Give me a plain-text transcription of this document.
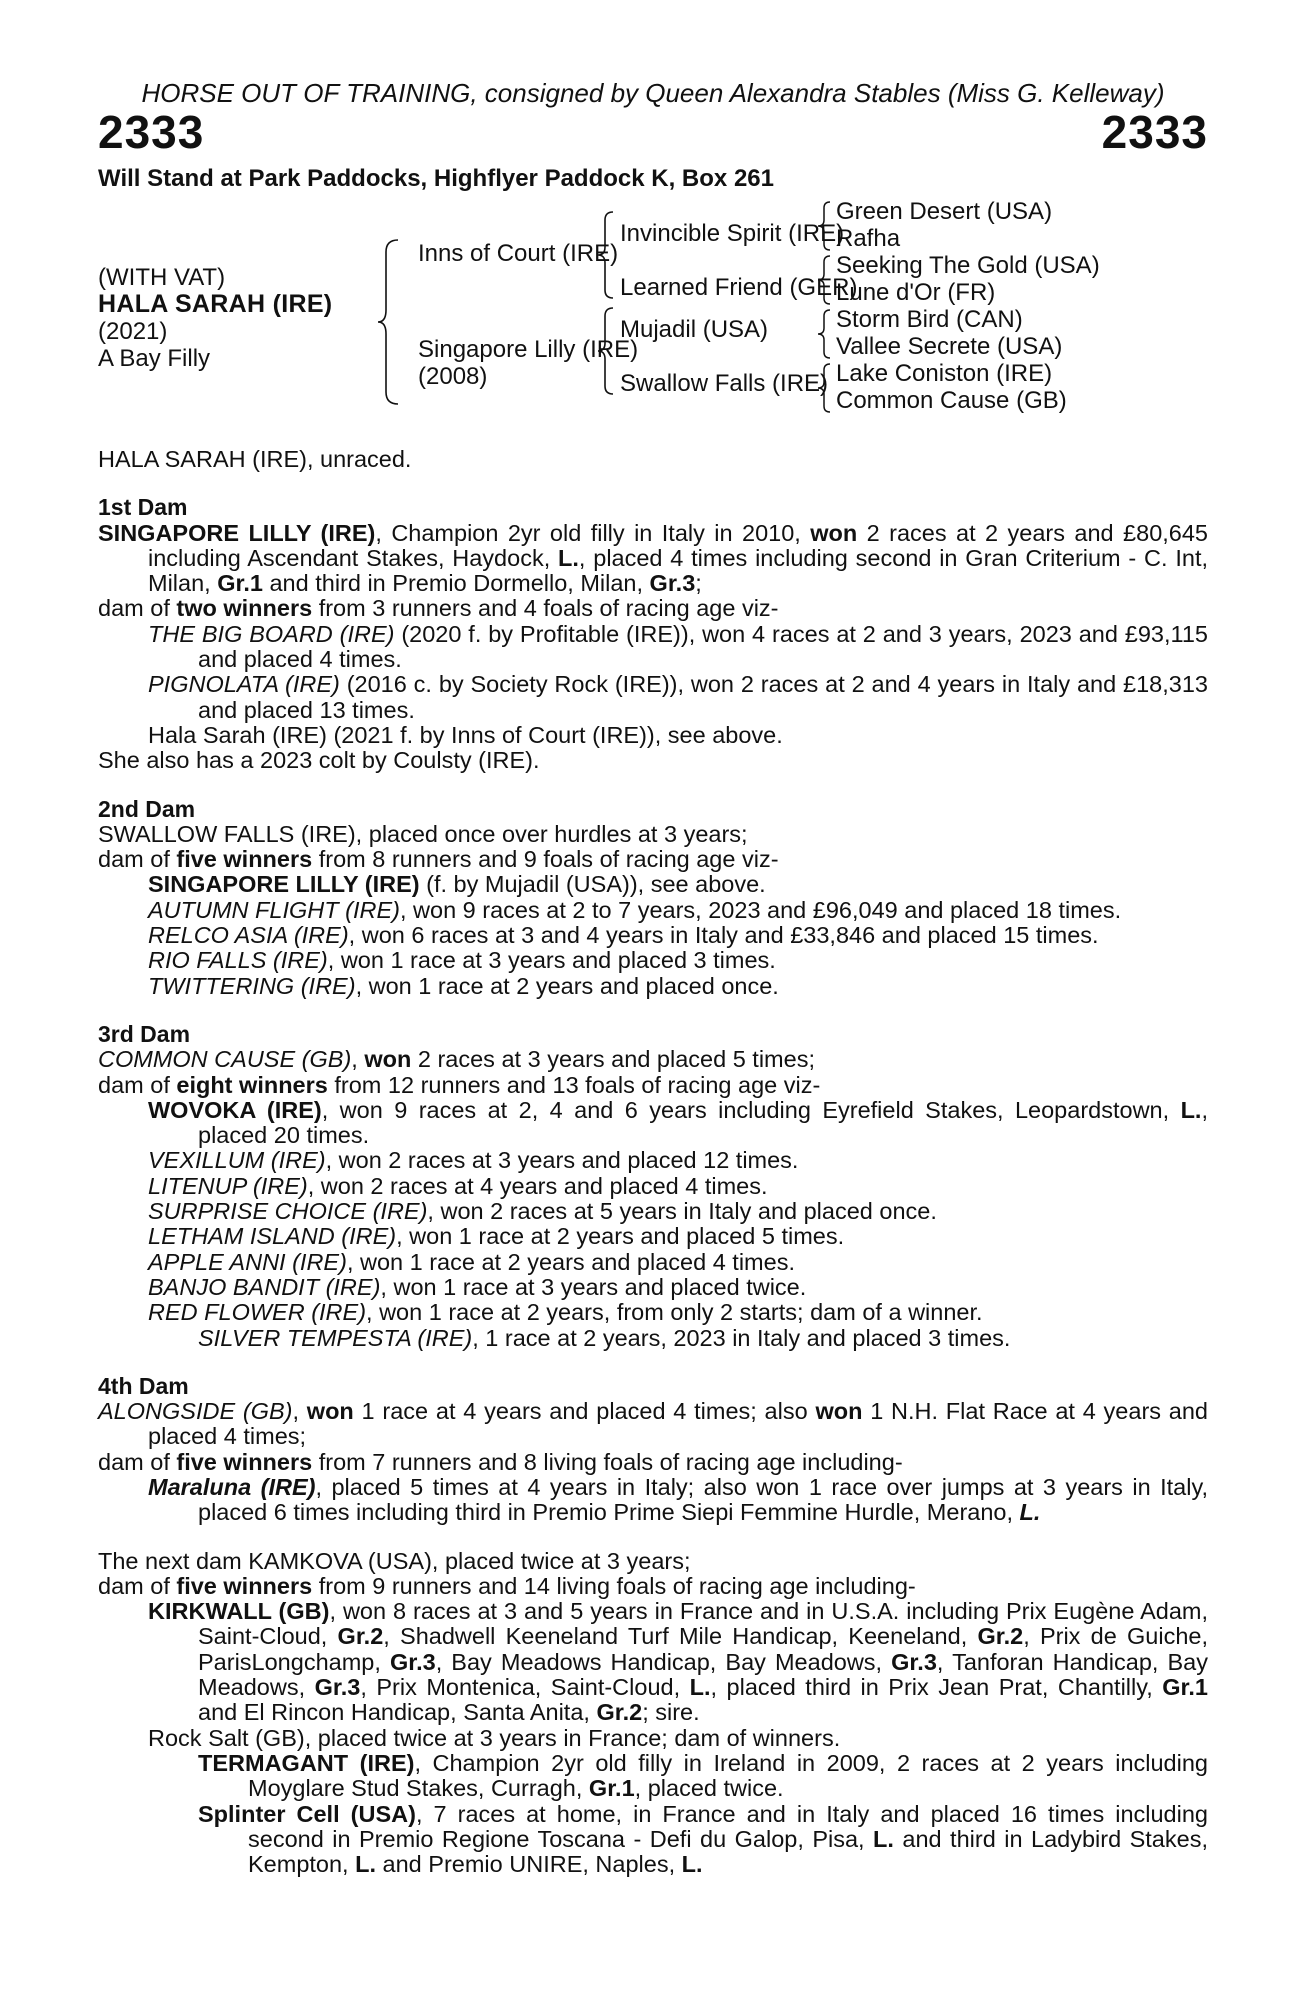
HORSE OUT OF TRAINING, consigned by Queen Alexandra Stables (Miss G. Kelleway)
2333	2333
Will Stand at Park Paddocks, Highflyer Paddock K, Box 261
(WITH VAT)
HALA SARAH (IRE)
(2021)
A Bay Filly
Inns of Court (IRE)
Singapore Lilly (IRE)
(2008)
Invincible Spirit (IRE)
Learned Friend (GER)
Mujadil (USA)
Swallow Falls (IRE)
Green Desert (USA)
Rafha
Seeking The Gold (USA)
Lune d'Or (FR)
Storm Bird (CAN)
Vallee Secrete (USA)
Lake Coniston (IRE)
Common Cause (GB)

HALA SARAH (IRE), unraced.

1st Dam

SINGAPORE LILLY (IRE), Champion 2yr old filly in Italy in 2010, won 2 races at 2 years and £80,645 including Ascendant Stakes, Haydock, L., placed 4 times including second in Gran Criterium - C. Int, Milan, Gr.1 and third in Premio Dormello, Milan, Gr.3;

dam of two winners from 3 runners and 4 foals of racing age viz-

THE BIG BOARD (IRE) (2020 f. by Profitable (IRE)), won 4 races at 2 and 3 years, 2023 and £93,115 and placed 4 times.

PIGNOLATA (IRE) (2016 c. by Society Rock (IRE)), won 2 races at 2 and 4 years in Italy and £18,313 and placed 13 times.

Hala Sarah (IRE) (2021 f. by Inns of Court (IRE)), see above.

She also has a 2023 colt by Coulsty (IRE).

2nd Dam

SWALLOW FALLS (IRE), placed once over hurdles at 3 years;

dam of five winners from 8 runners and 9 foals of racing age viz-

SINGAPORE LILLY (IRE) (f. by Mujadil (USA)), see above.

AUTUMN FLIGHT (IRE), won 9 races at 2 to 7 years, 2023 and £96,049 and placed 18 times.

RELCO ASIA (IRE), won 6 races at 3 and 4 years in Italy and £33,846 and placed 15 times.

RIO FALLS (IRE), won 1 race at 3 years and placed 3 times.

TWITTERING (IRE), won 1 race at 2 years and placed once.

3rd Dam

COMMON CAUSE (GB), won 2 races at 3 years and placed 5 times;

dam of eight winners from 12 runners and 13 foals of racing age viz-

WOVOKA (IRE), won 9 races at 2, 4 and 6 years including Eyrefield Stakes, Leopardstown, L., placed 20 times.

VEXILLUM (IRE), won 2 races at 3 years and placed 12 times.

LITENUP (IRE), won 2 races at 4 years and placed 4 times.

SURPRISE CHOICE (IRE), won 2 races at 5 years in Italy and placed once.

LETHAM ISLAND (IRE), won 1 race at 2 years and placed 5 times.

APPLE ANNI (IRE), won 1 race at 2 years and placed 4 times.

BANJO BANDIT (IRE), won 1 race at 3 years and placed twice.

RED FLOWER (IRE), won 1 race at 2 years, from only 2 starts; dam of a winner.

SILVER TEMPESTA (IRE), 1 race at 2 years, 2023 in Italy and placed 3 times.

4th Dam

ALONGSIDE (GB), won 1 race at 4 years and placed 4 times; also won 1 N.H. Flat Race at 4 years and placed 4 times;

dam of five winners from 7 runners and 8 living foals of racing age including-

Maraluna (IRE), placed 5 times at 4 years in Italy; also won 1 race over jumps at 3 years in Italy, placed 6 times including third in Premio Prime Siepi Femmine Hurdle, Merano, L.

The next dam KAMKOVA (USA), placed twice at 3 years;

dam of five winners from 9 runners and 14 living foals of racing age including-

KIRKWALL (GB), won 8 races at 3 and 5 years in France and in U.S.A. including Prix Eugène Adam, Saint-Cloud, Gr.2, Shadwell Keeneland Turf Mile Handicap, Keeneland, Gr.2, Prix de Guiche, ParisLongchamp, Gr.3, Bay Meadows Handicap, Bay Meadows, Gr.3, Tanforan Handicap, Bay Meadows, Gr.3, Prix Montenica, Saint-Cloud, L., placed third in Prix Jean Prat, Chantilly, Gr.1 and El Rincon Handicap, Santa Anita, Gr.2; sire.

Rock Salt (GB), placed twice at 3 years in France; dam of winners.

TERMAGANT (IRE), Champion 2yr old filly in Ireland in 2009, 2 races at 2 years including Moyglare Stud Stakes, Curragh, Gr.1, placed twice.

Splinter Cell (USA), 7 races at home, in France and in Italy and placed 16 times including second in Premio Regione Toscana - Defi du Galop, Pisa, L. and third in Ladybird Stakes, Kempton, L. and Premio UNIRE, Naples, L.
